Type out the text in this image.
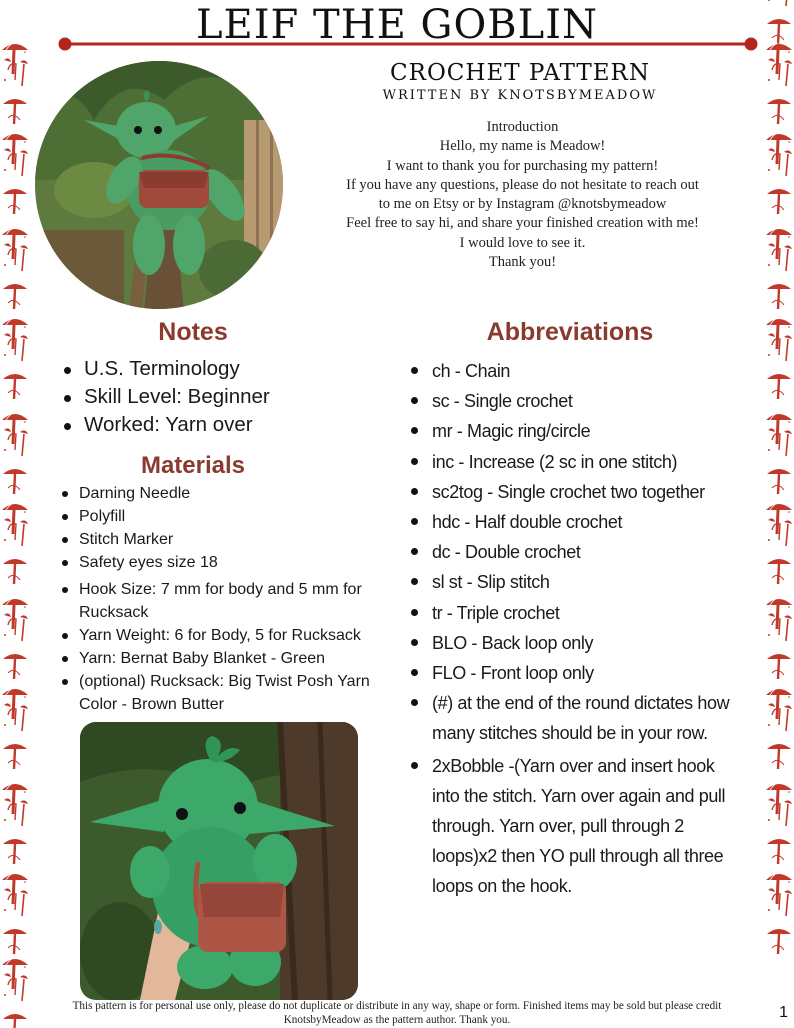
LEIF THE GOBLIN
CROCHET PATTERN
WRITTEN BY KNOTSBYMEADOW
Introduction
Hello, my name is Meadow!
I want to thank you for purchasing my pattern!
If you have any questions, please do not hesitate to reach out
to me on Etsy or by Instagram @knotsbymeadow
Feel free to say hi, and share your finished creation with me!
I would love to see it.
Thank you!
Notes
U.S. Terminology
Skill Level: Beginner
Worked: Yarn over
Materials
Darning Needle
Polyfill
Stitch Marker
Safety eyes size 18
Hook Size: 7 mm for body and 5 mm for Rucksack
Yarn Weight: 6 for Body, 5 for Rucksack
Yarn: Bernat Baby Blanket - Green
(optional) Rucksack: Big Twist Posh Yarn Color - Brown Butter
Abbreviations
ch - Chain
sc - Single crochet
mr - Magic ring/circle
inc - Increase (2 sc in one stitch)
sc2tog - Single crochet two together
hdc - Half double crochet
dc - Double crochet
sl st - Slip stitch
tr - Triple crochet
BLO - Back loop only
FLO - Front loop only
(#) at the end of the round dictates how many stitches should be in your row.
2xBobble -(Yarn over and insert hook into the stitch. Yarn over again and pull through. Yarn over, pull through 2 loops)x2 then YO pull through all three loops on the hook.
This pattern is for personal use only, please do not duplicate or distribute in any way, shape or form. Finished items may be sold but please credit KnotsbyMeadow as the pattern author. Thank you.	1
